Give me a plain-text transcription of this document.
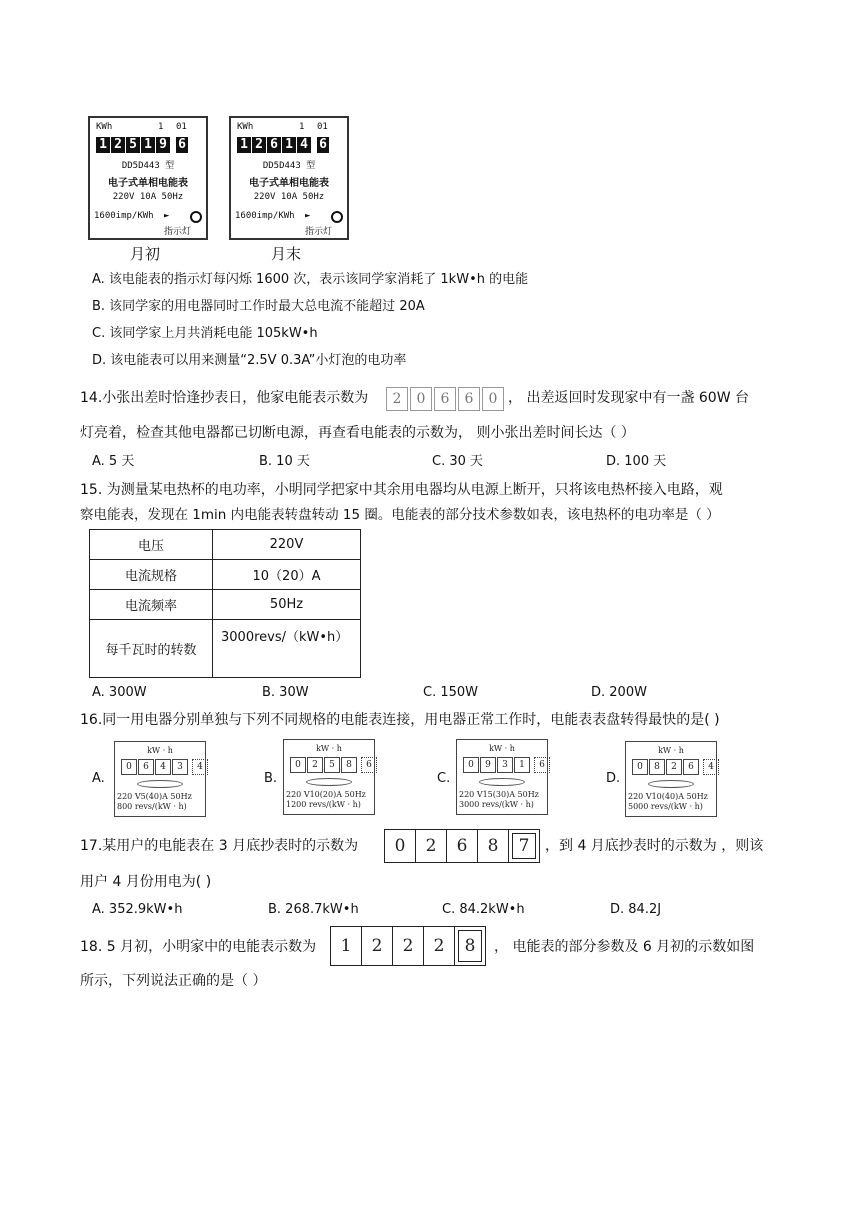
KWh	1 01
1 2 5 1 9 6
DD5D443 型
电子式单相电能表
220V 10A 50Hz
1600imp/KWh ►
指示灯
月初
KWh	1 01
1 2 6 1 4 6
DD5D443 型
电子式单相电能表
220V 10A 50Hz
1600imp/KWh ►
指示灯
月末
A. 该电能表的指示灯每闪烁 1600 次，表示该同学家消耗了 1kW•h 的电能
B. 该同学家的用电器同时工作时最大总电流不能超过 20A
C. 该同学家上月共消耗电能 105kW•h
D. 该电能表可以用来测量“2.5V 0.3A”小灯泡的电功率
14.小张出差时恰逢抄表日，他家电能表示数为	2	0	6	6	0 ， 出差返回时发现家中有一盏 60W 台
灯亮着，检查其他电器都已切断电源，再查看电能表的示数为， 则小张出差时间长达（ ）
A. 5 天	B. 10 天	C. 30 天	D. 100 天
15. 为测量某电热杯的电功率，小明同学把家中其余用电器均从电源上断开，只将该电热杯接入电路，观
察电能表，发现在 1min 内电能表转盘转动 15 圈。电能表的部分技术参数如表，该电热杯的电功率是（ ）
电压	220V
电流规格	10（20）A
电流频率	50Hz
每千瓦时的转数	3000revs/（kW•h）
A. 300W	B. 30W	C. 150W	D. 200W
16.同一用电器分别单独与下列不同规格的电能表连接，用电器正常工作时，电能表表盘转得最快的是( )
A.
kW · h
0	6	4	3	4
220 V5(40)A 50Hz
800 revs/(kW · h)
B.
kW · h
0	2	5	8	6
220 V10(20)A 50Hz
1200 revs/(kW · h)
C.
kW · h
0	9	3	1	6
220 V15(30)A 50Hz
3000 revs/(kW · h)
D.
kW · h
0	8	2	6	4
220 V10(40)A 50Hz
5000 revs/(kW · h)
17.某用户的电能表在 3 月底抄表时的示数为	0	2	6	8	7	，到 4 月底抄表时的示数为 ，则该
用户 4 月份用电为( )
A. 352.9kW•h	B. 268.7kW•h	C. 84.2kW•h	D. 84.2J
18. 5 月初，小明家中的电能表示数为	1	2	2	2	8	， 电能表的部分参数及 6 月初的示数如图
所示，下列说法正确的是（ ）
